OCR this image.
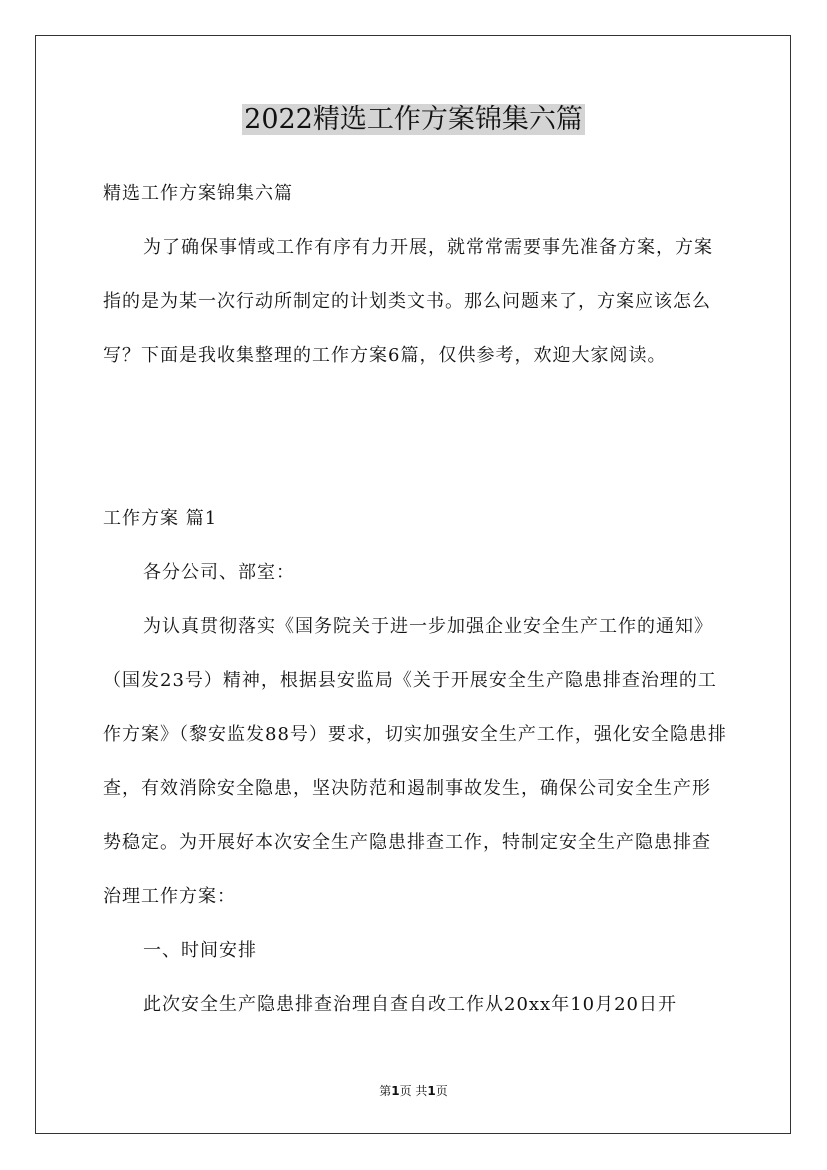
2022精选工作方案锦集六篇

精选工作方案锦集六篇

为了确保事情或工作有序有力开展，就常常需要事先准备方案，方案指的是为某一次行动所制定的计划类文书。那么问题来了，方案应该怎么写？下面是我收集整理的工作方案6篇，仅供参考，欢迎大家阅读。

工作方案 篇1

各分公司、部室：

为认真贯彻落实《国务院关于进一步加强企业安全生产工作的通知》（国发23号）精神，根据县安监局《关于开展安全生产隐患排查治理的工作方案》（黎安监发88号）要求，切实加强安全生产工作，强化安全隐患排查，有效消除安全隐患，坚决防范和遏制事故发生，确保公司安全生产形势稳定。为开展好本次安全生产隐患排查工作，特制定安全生产隐患排查治理工作方案：

一、时间安排

此次安全生产隐患排查治理自查自改工作从20xx年10月20日开

第1页 共1页
